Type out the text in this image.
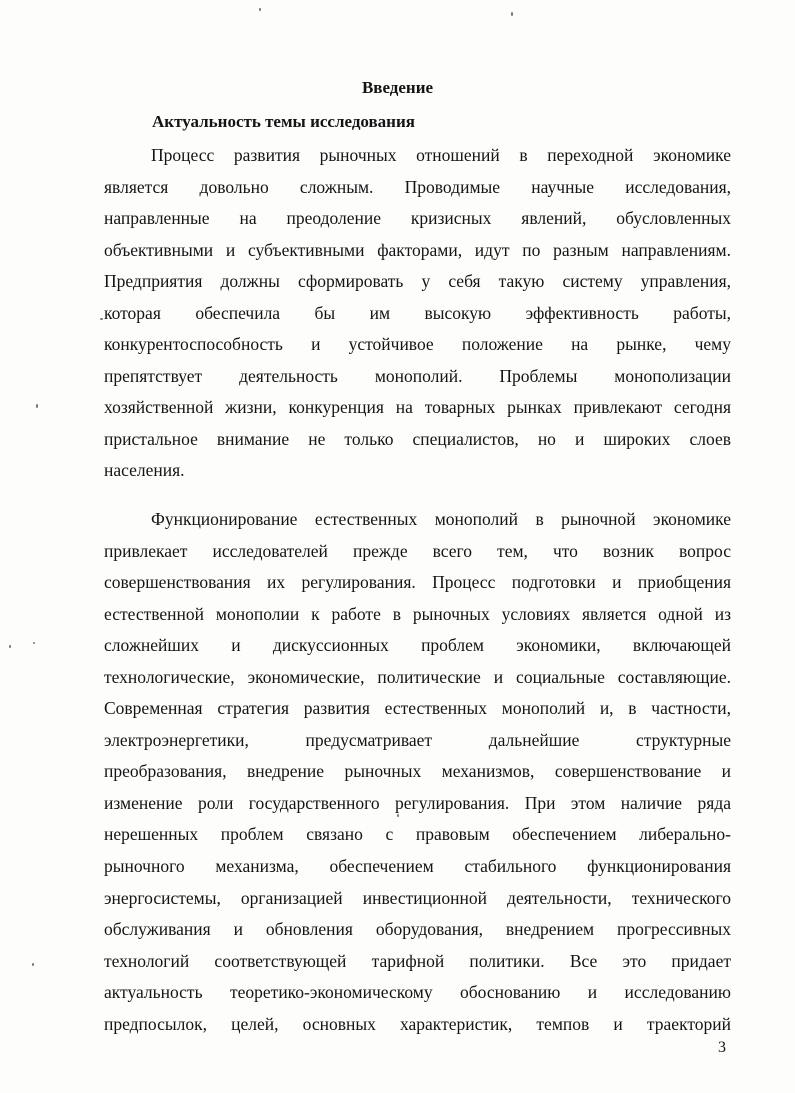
Введение
Актуальность темы исследования
Процесс развития рыночных отношений в переходной экономике
является довольно сложным. Проводимые научные исследования,
направленные на преодоление кризисных явлений, обусловленных
объективными и субъективными факторами, идут по разным направлениям.
Предприятия должны сформировать у себя такую систему управления,
которая обеспечила бы им высокую эффективность работы,
конкурентоспособность и устойчивое положение на рынке, чему
препятствует деятельность монополий. Проблемы монополизации
хозяйственной жизни, конкуренция на товарных рынках привлекают сегодня
пристальное внимание не только специалистов, но и широких слоев
населения.
Функционирование естественных монополий в рыночной экономике
привлекает исследователей прежде всего тем, что возник вопрос
совершенствования их регулирования. Процесс подготовки и приобщения
естественной монополии к работе в рыночных условиях является одной из
сложнейших и дискуссионных проблем экономики, включающей
технологические, экономические, политические и социальные составляющие.
Современная стратегия развития естественных монополий и, в частности,
электроэнергетики, предусматривает дальнейшие структурные
преобразования, внедрение рыночных механизмов, совершенствование и
изменение роли государственного регулирования. При этом наличие ряда
нерешенных проблем связано с правовым обеспечением либерально-
рыночного механизма, обеспечением стабильного функционирования
энергосистемы, организацией инвестиционной деятельности, технического
обслуживания и обновления оборудования, внедрением прогрессивных
технологий соответствующей тарифной политики. Все это придает
актуальность теоретико-экономическому обоснованию и исследованию
предпосылок, целей, основных характеристик, темпов и траекторий
3
